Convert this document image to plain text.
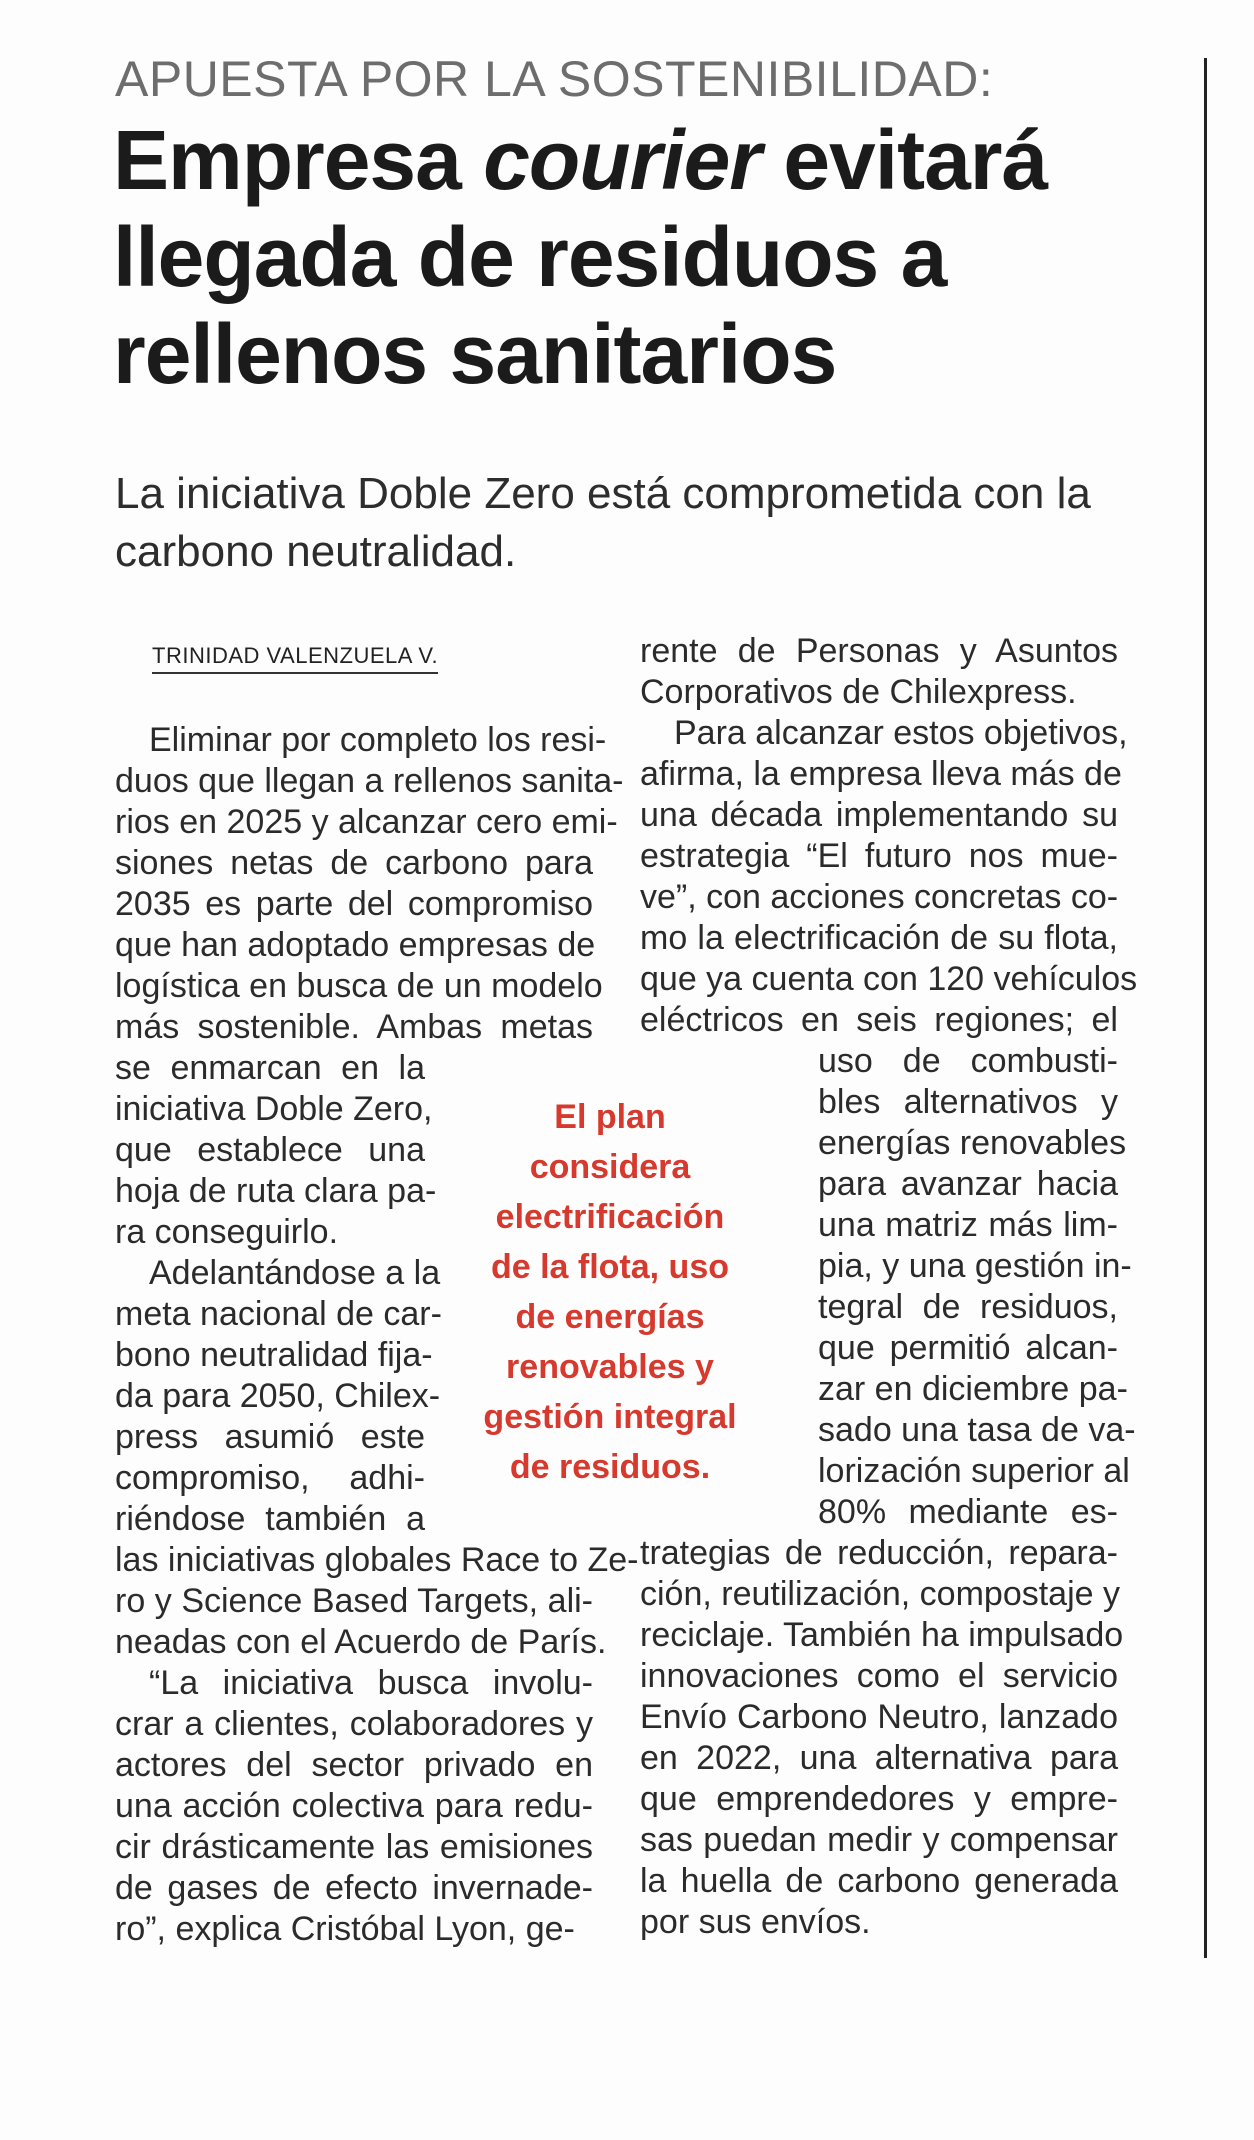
APUESTA POR LA SOSTENIBILIDAD:
Empresa courier evitará
llegada de residuos a
rellenos sanitarios
La iniciativa Doble Zero está comprometida con la carbono neutralidad.
TRINIDAD VALENZUELA V.
 Eliminar por completo los resi-
duos que llegan a rellenos sanita-
rios en 2025 y alcanzar cero emi-
siones netas de carbono para
2035 es parte del compromiso
que han adoptado empresas de
logística en busca de un modelo
más sostenible. Ambas metas
se enmarcan en la
iniciativa Doble Zero,
que establece una
hoja de ruta clara pa-
ra conseguirlo.
 Adelantándose a la
meta nacional de car-
bono neutralidad fija-
da para 2050, Chilex-
press asumió este
compromiso, adhi-
riéndose también a
las iniciativas globales Race to Ze-
ro y Science Based Targets, ali-
neadas con el Acuerdo de París.
 “La iniciativa busca involu-
crar a clientes, colaboradores y
actores del sector privado en
una acción colectiva para redu-
cir drásticamente las emisiones
de gases de efecto invernade-
ro”, explica Cristóbal Lyon, ge-
rente de Personas y Asuntos
Corporativos de Chilexpress.
 Para alcanzar estos objetivos,
afirma, la empresa lleva más de
una década implementando su
estrategia “El futuro nos mue-
ve”, con acciones concretas co-
mo la electrificación de su flota,
que ya cuenta con 120 vehículos
eléctricos en seis regiones; el
uso de combusti-
bles alternativos y
energías renovables
para avanzar hacia
una matriz más lim-
pia, y una gestión in-
tegral de residuos,
que permitió alcan-
zar en diciembre pa-
sado una tasa de va-
lorización superior al
80% mediante es-
trategias de reducción, repara-
ción, reutilización, compostaje y
reciclaje. También ha impulsado
innovaciones como el servicio
Envío Carbono Neutro, lanzado
en 2022, una alternativa para
que emprendedores y empre-
sas puedan medir y compensar
la huella de carbono generada
por sus envíos.
El plan
considera
electrificación
de la flota, uso
de energías
renovables y
gestión integral
de residuos.
